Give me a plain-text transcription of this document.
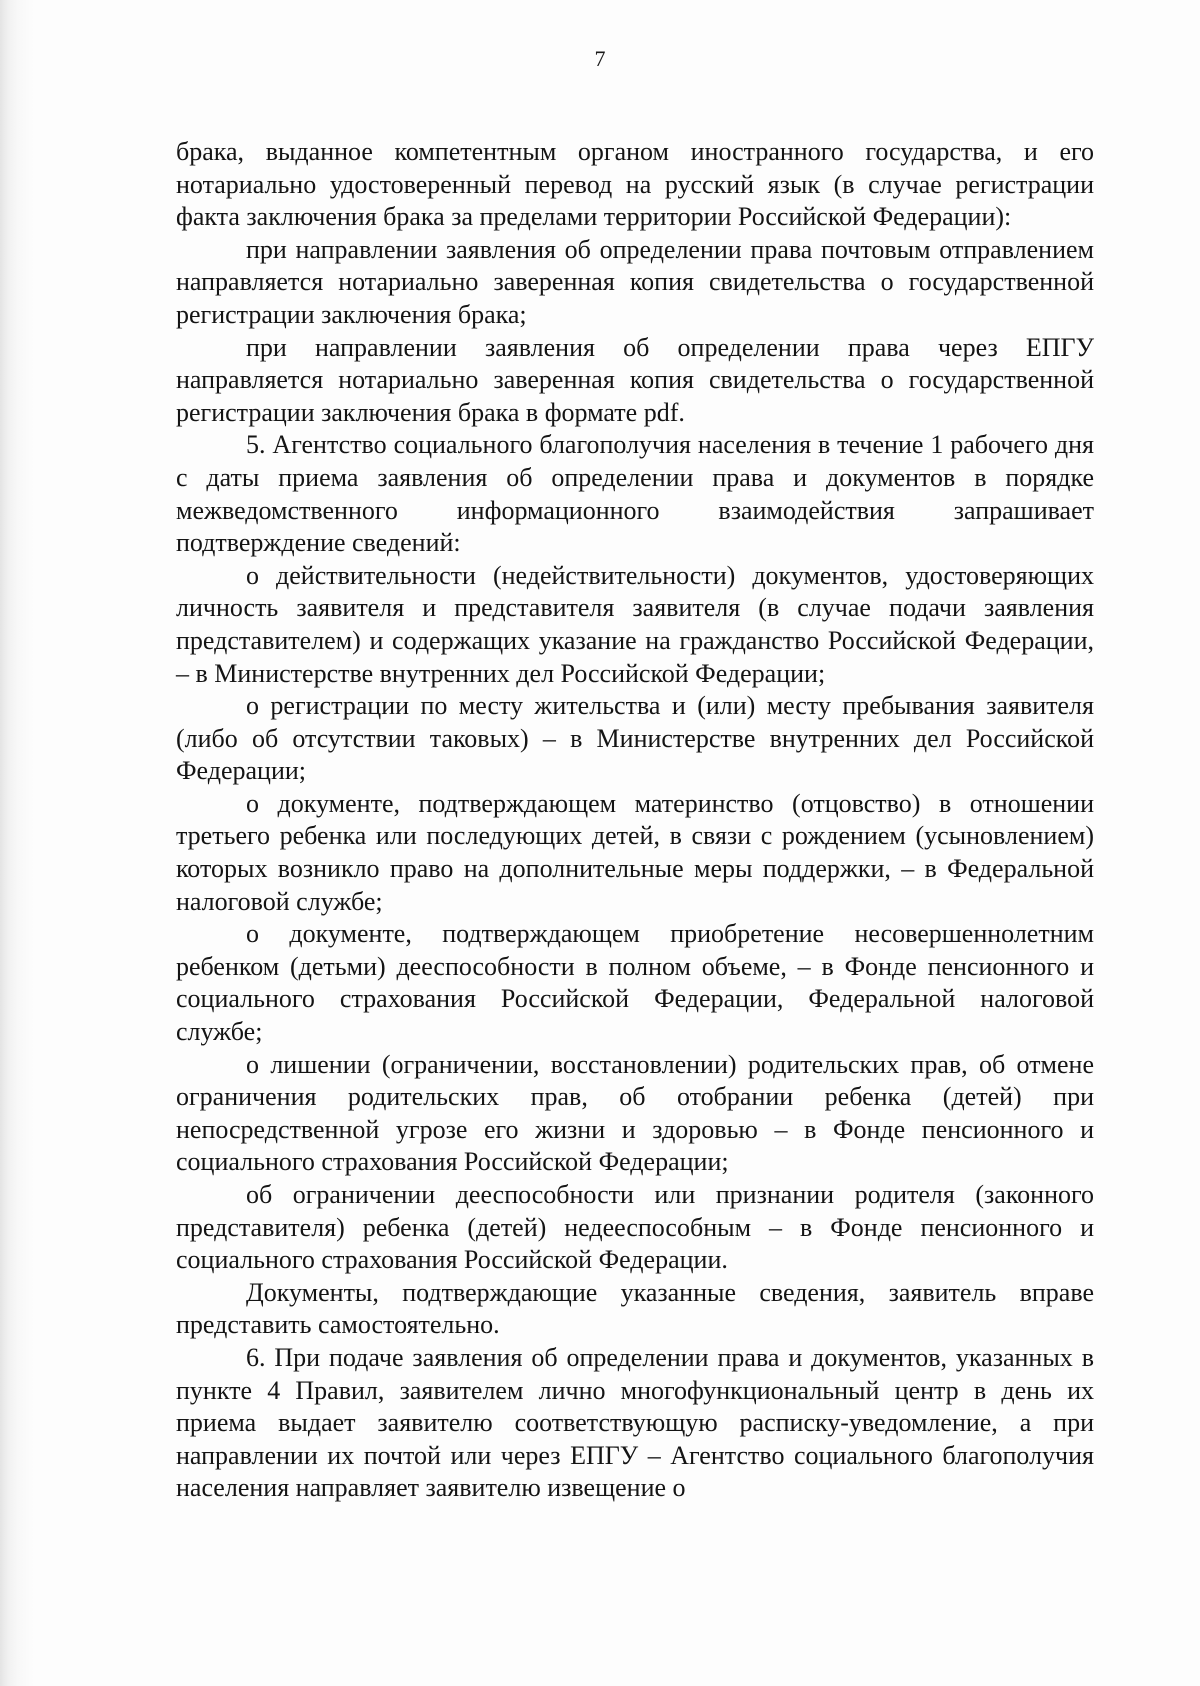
7

брака, выданное компетентным органом иностранного государства, и его нотариально удостоверенный перевод на русский язык (в случае регистрации факта заключения брака за пределами территории Российской Федерации):

при направлении заявления об определении права почтовым отправлением направляется нотариально заверенная копия свидетельства о государственной регистрации заключения брака;

при направлении заявления об определении права через ЕПГУ направляется нотариально заверенная копия свидетельства о государственной регистрации заключения брака в формате pdf.

5. Агентство социального благополучия населения в течение 1 рабочего дня с даты приема заявления об определении права и документов в порядке межведомственного информационного взаимодействия запрашивает подтверждение сведений:

о действительности (недействительности) документов, удостоверяющих личность заявителя и представителя заявителя (в случае подачи заявления представителем) и содержащих указание на гражданство Российской Федерации, – в Министерстве внутренних дел Российской Федерации;

о регистрации по месту жительства и (или) месту пребывания заявителя (либо об отсутствии таковых) – в Министерстве внутренних дел Российской Федерации;

о документе, подтверждающем материнство (отцовство) в отношении третьего ребенка или последующих детей, в связи с рождением (усыновлением) которых возникло право на дополнительные меры поддержки, – в Федеральной налоговой службе;

о документе, подтверждающем приобретение несовершеннолетним ребенком (детьми) дееспособности в полном объеме, – в Фонде пенсионного и социального страхования Российской Федерации, Федеральной налоговой службе;

о лишении (ограничении, восстановлении) родительских прав, об отмене ограничения родительских прав, об отобрании ребенка (детей) при непосредственной угрозе его жизни и здоровью – в Фонде пенсионного и социального страхования Российской Федерации;

об ограничении дееспособности или признании родителя (законного представителя) ребенка (детей) недееспособным – в Фонде пенсионного и социального страхования Российской Федерации.

Документы, подтверждающие указанные сведения, заявитель вправе представить самостоятельно.

6. При подаче заявления об определении права и документов, указанных в пункте 4 Правил, заявителем лично многофункциональный центр в день их приема выдает заявителю соответствующую расписку-уведомление, а при направлении их почтой или через ЕПГУ – Агентство социального благополучия населения направляет заявителю извещение о
